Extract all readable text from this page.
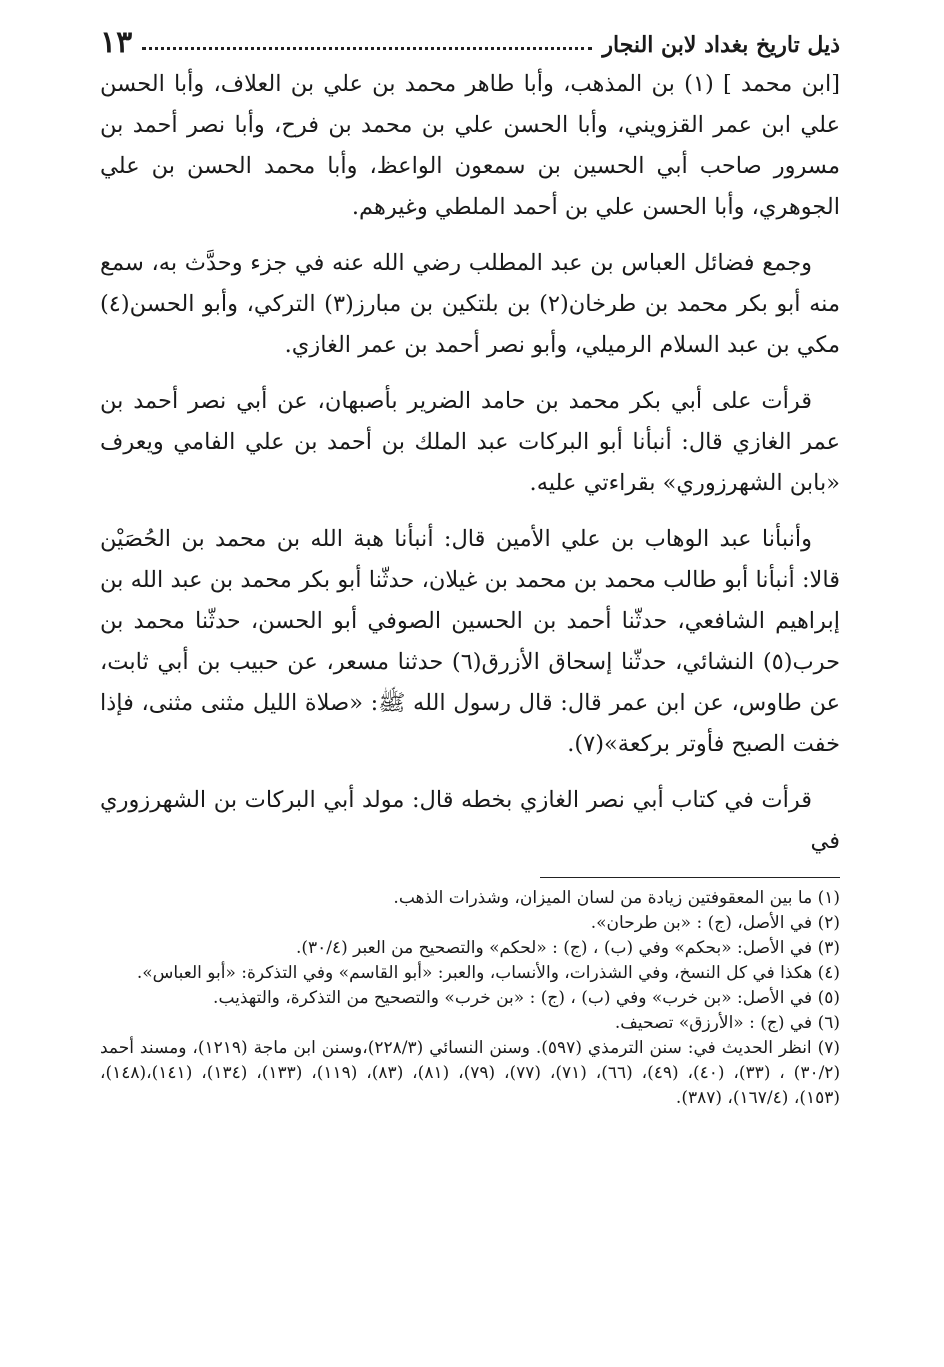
ذيل تاريخ بغداد لابن النجار
١٣

[ابن محمد ] (١) بن المذهب، وأبا طاهر محمد بن علي بن العلاف، وأبا الحسن علي ابن عمر القزويني، وأبا الحسن علي بن محمد بن فرح، وأبا نصر أحمد بن مسرور صاحب أبي الحسين بن سمعون الواعظ، وأبا محمد الحسن بن علي الجوهري، وأبا الحسن علي بن أحمد الملطي وغيرهم.

وجمع فضائل العباس بن عبد المطلب رضي الله عنه في جزء وحدَّث به، سمع منه أبو بكر محمد بن طرخان(٢) بن بلتكين بن مبارز(٣) التركي، وأبو الحسن(٤) مكي بن عبد السلام الرميلي، وأبو نصر أحمد بن عمر الغازي.

قرأت على أبي بكر محمد بن حامد الضرير بأصبهان، عن أبي نصر أحمد بن عمر الغازي قال: أنبأنا أبو البركات عبد الملك بن أحمد بن علي الفامي ويعرف «بابن الشهرزوري» بقراءتي عليه.

وأنبأنا عبد الوهاب بن علي الأمين قال: أنبأنا هبة الله بن محمد بن الحُصَيْن قالا: أنبأنا أبو طالب محمد بن محمد بن غيلان، حدثّنا أبو بكر محمد بن عبد الله بن إبراهيم الشافعي، حدثّنا أحمد بن الحسين الصوفي أبو الحسن، حدثّنا محمد بن حرب(٥) النشائي، حدثّنا إسحاق الأزرق(٦) حدثنا مسعر، عن حبيب بن أبي ثابت، عن طاوس، عن ابن عمر قال: قال رسول الله ﷺ: «صلاة الليل مثنى مثنى، فإذا خفت الصبح فأوتر بركعة»(٧).

قرأت في كتاب أبي نصر الغازي بخطه قال: مولد أبي البركات بن الشهرزوري في

(١) ما بين المعقوفتين زيادة من لسان الميزان، وشذرات الذهب.

(٢) في الأصل، (ج) : «بن طرحان».

(٣) في الأصل: «بحكم» وفي (ب) ، (ج) : «لحكم» والتصحيح من العبر (٣٠/٤).

(٤) هكذا في كل النسخ، وفي الشذرات، والأنساب، والعبر: «أبو القاسم» وفي التذكرة: «أبو العباس».

(٥) في الأصل: «بن خرب» وفي (ب) ، (ج) : «بن خرب» والتصحيح من التذكرة، والتهذيب.

(٦) في (ج) : «الأرزق» تصحيف.

(٧) انظر الحديث في: سنن الترمذي (٥٩٧). وسنن النسائي (٢٢٨/٣)،وسنن ابن ماجة (١٢١٩)، ومسند أحمد (٣٠/٢) ، (٣٣)، (٤٠)، (٤٩)، (٦٦)، (٧١)، (٧٧)، (٧٩)، (٨١)، (٨٣)، (١١٩)، (١٣٣)، (١٣٤)، (١٤١)،(١٤٨)، (١٥٣)، (١٦٧/٤)، (٣٨٧).
